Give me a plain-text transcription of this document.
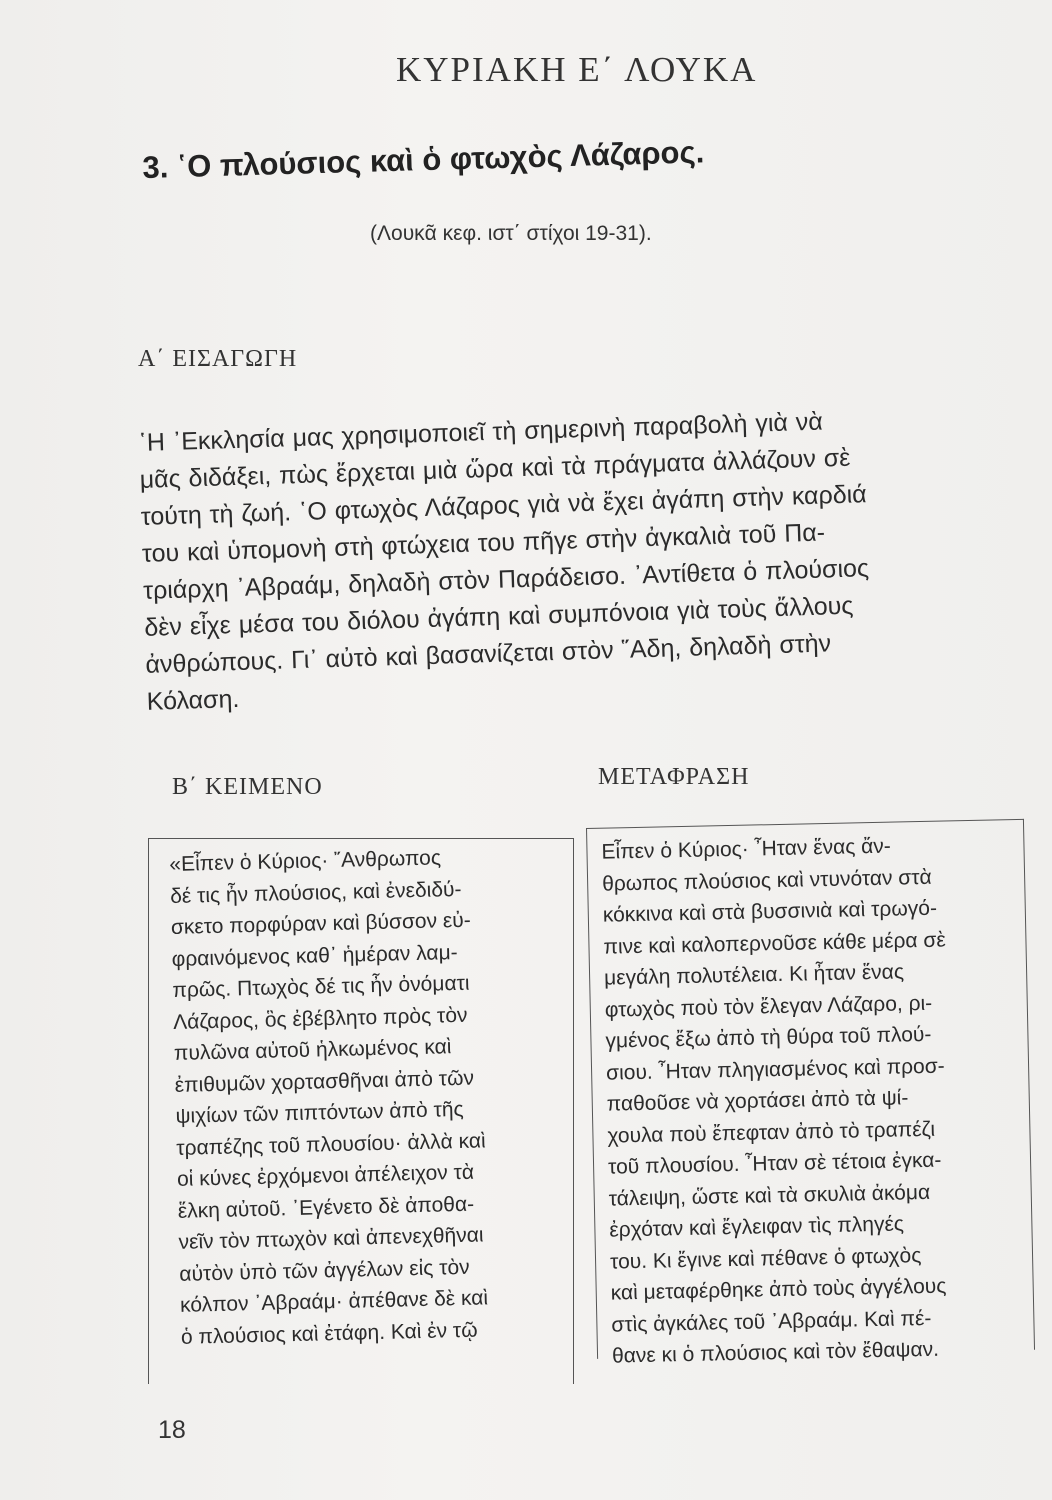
ΚΥΡΙΑΚΗ Ε΄ ΛΟΥΚΑ
3. ῾Ο πλούσιος καὶ ὁ φτωχὸς Λάζαρος.
(Λουκᾶ κεφ. ιστ΄ στίχοι 19-31).
Α΄ ΕΙΣΑΓΩΓΗ
῾Η ᾿Εκκλησία μας χρησιμοποιεῖ τὴ σημερινὴ παραβολὴ γιὰ νὰ
μᾶς διδάξει, πὼς ἔρχεται μιὰ ὥρα καὶ τὰ πράγματα ἀλλάζουν σὲ
τούτη τὴ ζωή. ῾Ο φτωχὸς Λάζαρος γιὰ νὰ ἔχει ἀγάπη στὴν καρδιά
του καὶ ὑπομονὴ στὴ φτώχεια του πῆγε στὴν ἀγκαλιὰ τοῦ Πα-
τριάρχη ᾿Αβραάμ, δηλαδὴ στὸν Παράδεισο. ᾿Αντίθετα ὁ πλούσιος
δὲν εἶχε μέσα του διόλου ἀγάπη καὶ συμπόνοια γιὰ τοὺς ἄλλους
ἀνθρώπους. Γι᾿ αὐτὸ καὶ βασανίζεται στὸν ῞Αδη, δηλαδὴ στὴν
Κόλαση.
Β΄ ΚΕΙΜΕΝΟ	ΜΕΤΑΦΡΑΣΗ
«Εἶπεν ὁ Κύριος· ῎Ανθρωπος
δέ τις ἦν πλούσιος, καὶ ἐνεδιδύ-
σκετο πορφύραν καὶ βύσσον εὐ-
φραινόμενος καθ᾿ ἡμέραν λαμ-
πρῶς. Πτωχὸς δέ τις ἦν ὀνόματι
Λάζαρος, ὃς ἐβέβλητο πρὸς τὸν
πυλῶνα αὐτοῦ ἡλκωμένος καὶ
ἐπιθυμῶν χορτασθῆναι ἀπὸ τῶν
ψιχίων τῶν πιπτόντων ἀπὸ τῆς
τραπέζης τοῦ πλουσίου· ἀλλὰ καὶ
οἱ κύνες ἐρχόμενοι ἀπέλειχον τὰ
ἕλκη αὐτοῦ. ᾿Εγένετο δὲ ἀποθα-
νεῖν τὸν πτωχὸν καὶ ἀπενεχθῆναι
αὐτὸν ὑπὸ τῶν ἀγγέλων εἰς τὸν
κόλπον ᾿Αβραάμ· ἀπέθανε δὲ καὶ
ὁ πλούσιος καὶ ἐτάφη. Καὶ ἐν τῷ
Εἶπεν ὁ Κύριος· ῏Ηταν ἕνας ἄν-
θρωπος πλούσιος καὶ ντυνόταν στὰ
κόκκινα καὶ στὰ βυσσινιὰ καὶ τρωγό-
πινε καὶ καλοπερνοῦσε κάθε μέρα σὲ
μεγάλη πολυτέλεια. Κι ἦταν ἕνας
φτωχὸς ποὺ τὸν ἔλεγαν Λάζαρο, ρι-
γμένος ἔξω ἀπὸ τὴ θύρα τοῦ πλού-
σιου. ῏Ηταν πληγιασμένος καὶ προσ-
παθοῦσε νὰ χορτάσει ἀπὸ τὰ ψί-
χουλα ποὺ ἔπεφταν ἀπὸ τὸ τραπέζι
τοῦ πλουσίου. ῏Ηταν σὲ τέτοια ἐγκα-
τάλειψη, ὥστε καὶ τὰ σκυλιὰ ἀκόμα
ἐρχόταν καὶ ἔγλειφαν τὶς πληγές
του. Κι ἔγινε καὶ πέθανε ὁ φτωχὸς
καὶ μεταφέρθηκε ἀπὸ τοὺς ἀγγέλους
στὶς ἀγκάλες τοῦ ᾿Αβραάμ. Καὶ πέ-
θανε κι ὁ πλούσιος καὶ τὸν ἔθαψαν.
18
